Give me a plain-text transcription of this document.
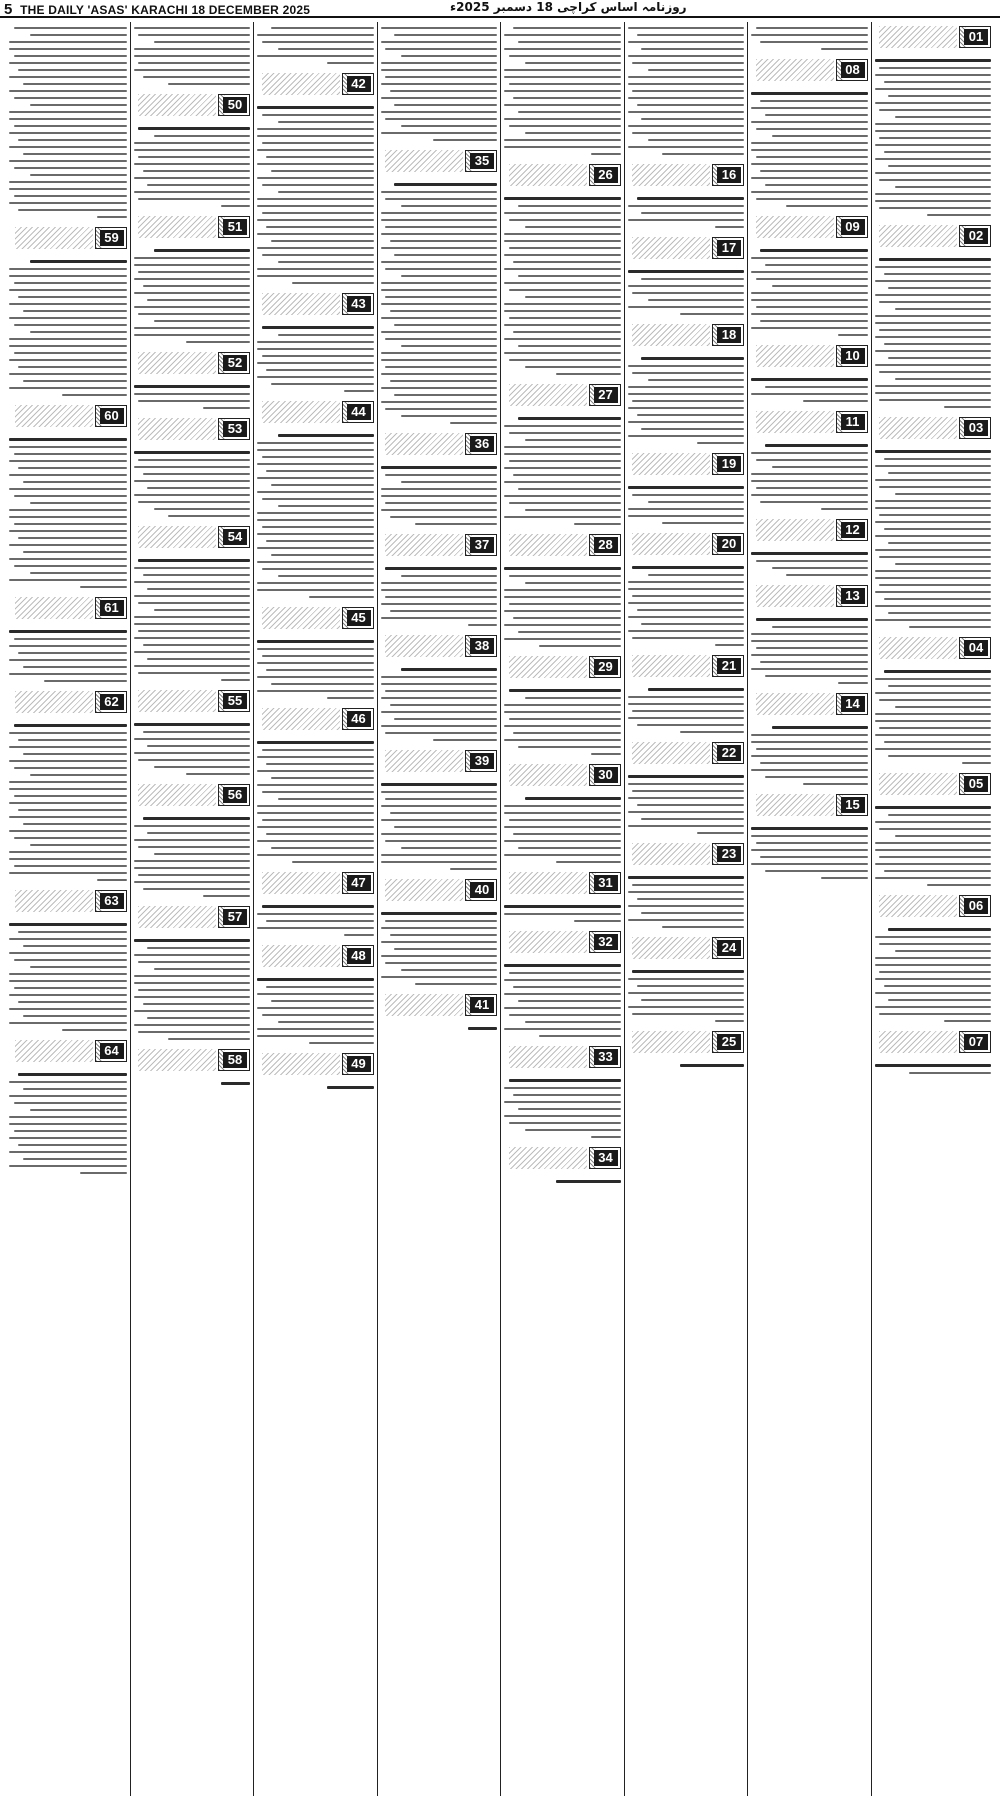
5 THE DAILY 'ASAS' KARACHI 18 DECEMBER 2025	روزنامہ اساس کراچی 18 دسمبر 2025ء
01
02
03
04
05
06
07
08
09
10
11
12
13
14
15
16
17
18
19
20
21
22
23
24
25
26
27
28
29
30
31
32
33
34
35
36
37
38
39
40
41
42
43
44
45
46
47
48
49
50
51
52
53
54
55
56
57
58
59
60
61
62
63
64
